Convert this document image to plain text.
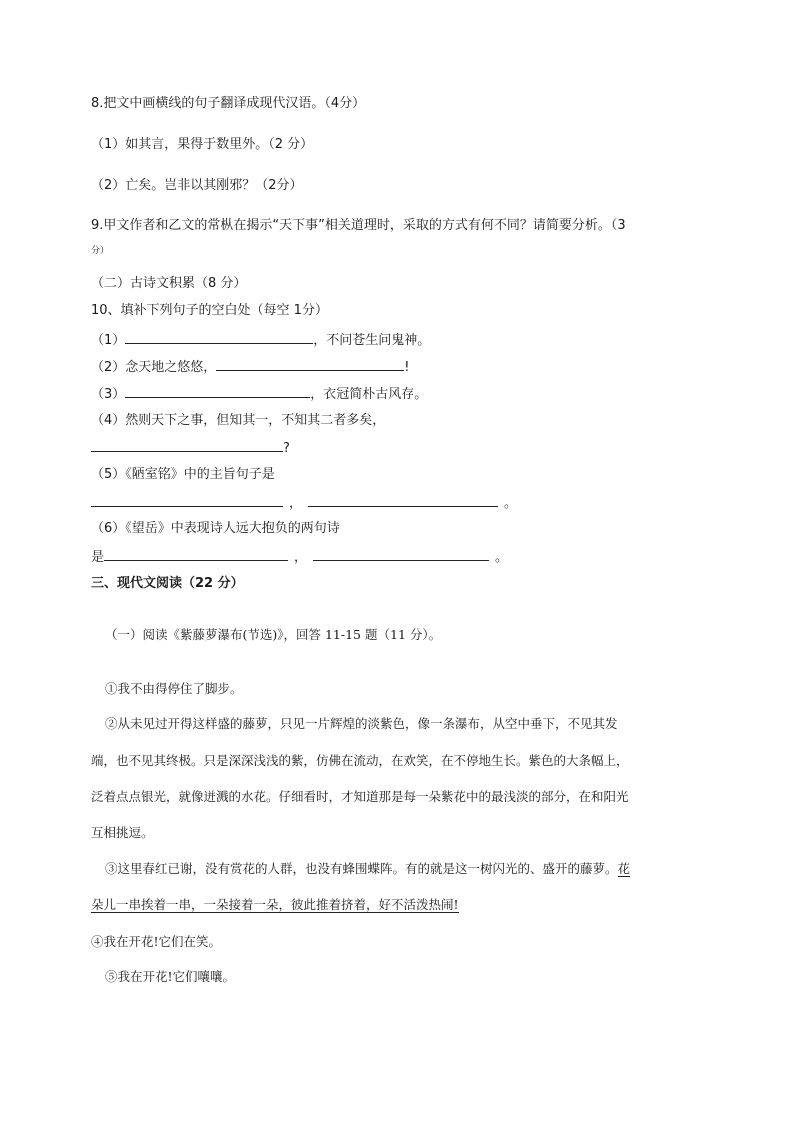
8.把文中画横线的句子翻译成现代汉语。（4分）
（1）如其言，果得于数里外。（2 分）
（2）亡矣。岂非以其刚邪？（2分）
9.甲文作者和乙文的常枞在揭示“天下事”相关道理时，采取的方式有何不同？请简要分析。（3
分）
（二）古诗文积累（8 分）
10、填补下列句子的空白处（每空 1分）
（1）	，不问苍生问鬼神。
（2）念天地之悠悠，	!
（3）	，衣冠简朴古风存。
（4）然则天下之事，但知其一，不知其二者多矣，
?
（5）《陋室铭》中的主旨句子是
，	。
（6）《望岳》中表现诗人远大抱负的两句诗
是	，	。
三、现代文阅读（22 分）
（一）阅读《紫藤萝瀑布(节选)》，回答 11-15 题（11 分）。
①我不由得停住了脚步。
②从未见过开得这样盛的藤萝，只见一片辉煌的淡紫色，像一条瀑布，从空中垂下，不见其发
端，也不见其终极。只是深深浅浅的紫，仿佛在流动，在欢笑，在不停地生长。紫色的大条幅上，
泛着点点银光，就像迸溅的水花。仔细看时，才知道那是每一朵紫花中的最浅淡的部分，在和阳光
互相挑逗。
③这里春红已谢，没有赏花的人群，也没有蜂围蝶阵。有的就是这一树闪光的、盛开的藤萝。花
朵儿一串挨着一串，一朵接着一朵，彼此推着挤着，好不活泼热闹!
④我在开花!它们在笑。
⑤我在开花!它们嚷嚷。
